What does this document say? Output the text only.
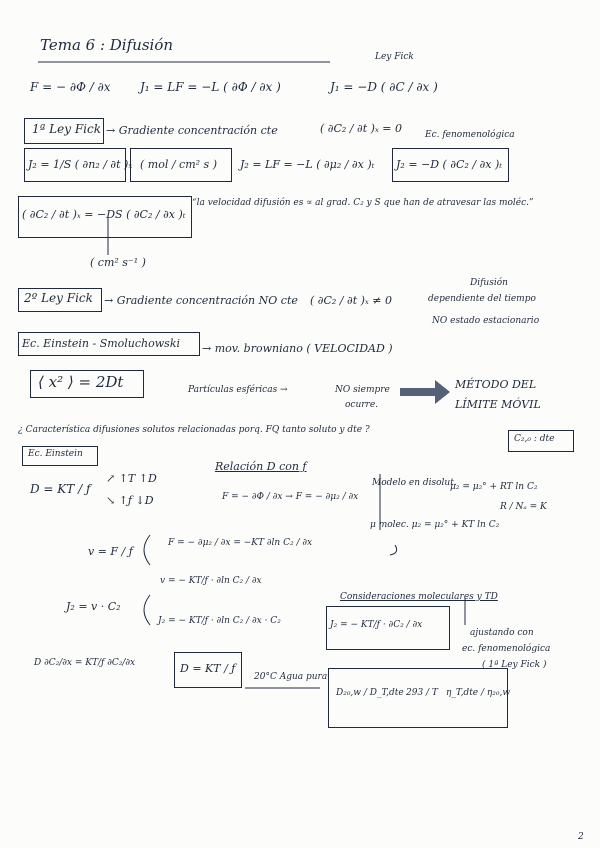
Tema 6 : Difusión
Ley Fick
F = − ∂Φ / ∂x J₁ = LF = −L ( ∂Φ / ∂x )	J₁ = −D ( ∂C / ∂x )
1ª Ley Fick → Gradiente concentración cte	( ∂C₂ / ∂t )ₓ = 0	Ec. fenomenológica
J₂ = 1/S ( ∂n₂ / ∂t )ₓ ( mol / cm² s ) J₂ = LF = −L ( ∂μ₂ / ∂x )ₜ J₂ = −D ( ∂C₂ / ∂x )ₜ
( ∂C₂ / ∂t )ₓ = −DS ( ∂C₂ / ∂x )ₜ
“la velocidad difusión es ∝ al grad. C₂ y S que han de atravesar las moléc.”
( cm² s⁻¹ )
2º Ley Fick → Gradiente concentración NO cte ( ∂C₂ / ∂t )ₓ ≠ 0
Difusión
dependiente del tiempo
NO estado estacionario
Ec. Einstein - Smoluchowski → mov. browniano ( VELOCIDAD )
⟨ x² ⟩ = 2Dt	Partículas esféricas →	NO siempre
ocurre.
MÉTODO DEL
LÍMITE MÓVIL
¿ Característica difusiones solutos relacionadas porq. FQ tanto soluto y dte ?
C₂,₀ : dte
Ec. Einstein
D = KT / ƒ
↗ ↑T ↑D
↘ ↑ƒ ↓D
Relación D con ƒ
F = − ∂Φ / ∂x → F = − ∂μ₂ / ∂x
Modelo en disolut.
μ₂ = μ₂° + RT ln C₂
R / Nₐ = K
μ molec. μ₂ = μ₂° + KT ln C₂
v = F / ƒ
F = − ∂μ₂ / ∂x = −KT ∂ln C₂ / ∂x
v = − KT/ƒ · ∂ln C₂ / ∂x
J₂ = v · C₂
J₂ = − KT/ƒ · ∂ln C₂ / ∂x · C₂	J₂ = − KT/ƒ · ∂C₂ / ∂x
Consideraciones moleculares y TD
ajustando con
ec. fenomenológica
( 1ª Ley Fick )
D ∂C₂/∂x = KT/ƒ ∂C₂/∂x	D = KT / ƒ
20°C Agua pura
D₂₀,w / D_T,dte 293 / T η_T,dte / η₂₀,w
2
